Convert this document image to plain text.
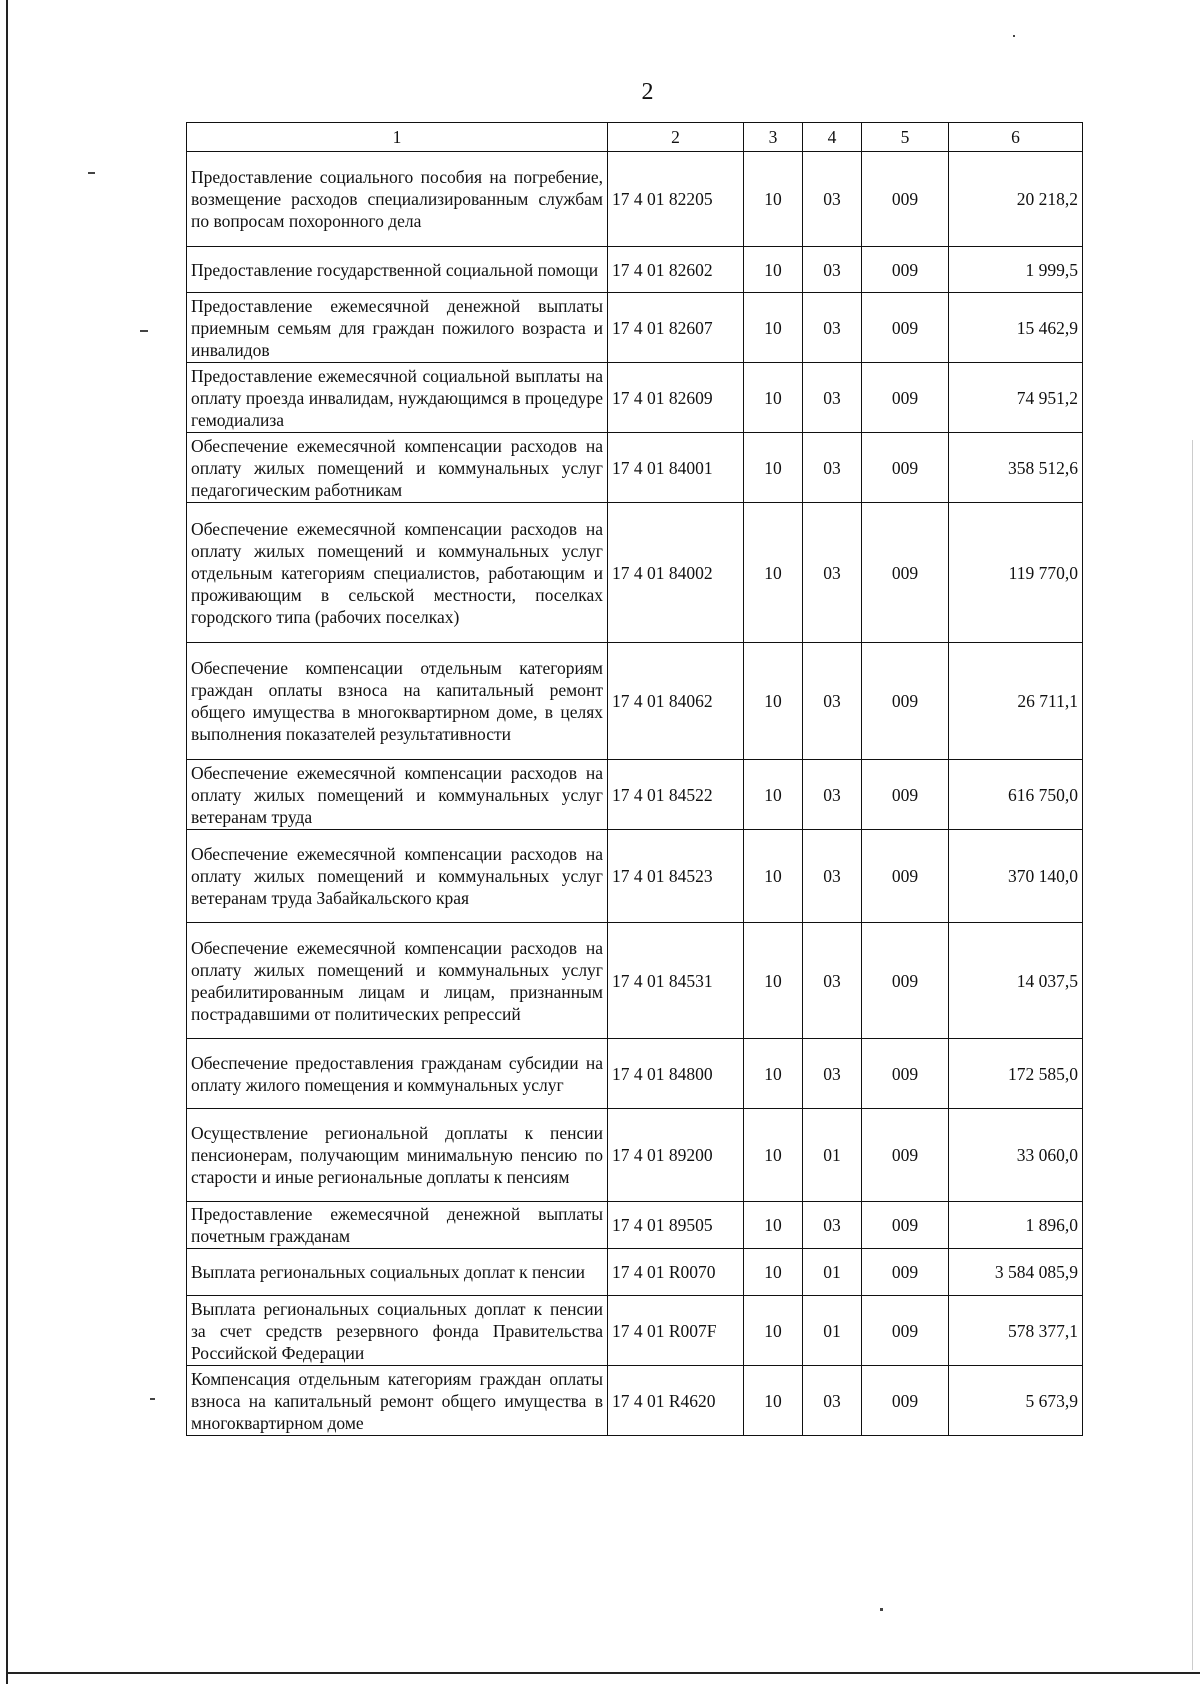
2
1	2	3	4	5	6
Предоставление социального пособия на погребение, возмещение расходов специализированным службам по вопросам похоронного дела	17 4 01 82205	10	03	009	20 218,2
Предоставление государственной социальной помощи	17 4 01 82602	10	03	009	1 999,5
Предоставление ежемесячной денежной выплаты приемным семьям для граждан пожилого возраста и инвалидов	17 4 01 82607	10	03	009	15 462,9
Предоставление ежемесячной социальной выплаты на оплату проезда инвалидам, нуждающимся в процедуре гемодиализа	17 4 01 82609	10	03	009	74 951,2
Обеспечение ежемесячной компенсации расходов на оплату жилых помещений и коммунальных услуг педагогическим работникам	17 4 01 84001	10	03	009	358 512,6
Обеспечение ежемесячной компенсации расходов на оплату жилых помещений и коммунальных услуг отдельным категориям специалистов, работающим и проживающим в сельской местности, поселках городского типа (рабочих поселках)	17 4 01 84002	10	03	009	119 770,0
Обеспечение компенсации отдельным категориям граждан оплаты взноса на капитальный ремонт общего имущества в многоквартирном доме, в целях выполнения показателей результативности	17 4 01 84062	10	03	009	26 711,1
Обеспечение ежемесячной компенсации расходов на оплату жилых помещений и коммунальных услуг ветеранам труда	17 4 01 84522	10	03	009	616 750,0
Обеспечение ежемесячной компенсации расходов на оплату жилых помещений и коммунальных услуг ветеранам труда Забайкальского края	17 4 01 84523	10	03	009	370 140,0
Обеспечение ежемесячной компенсации расходов на оплату жилых помещений и коммунальных услуг реабилитированным лицам и лицам, признанным пострадавшими от политических репрессий	17 4 01 84531	10	03	009	14 037,5
Обеспечение предоставления гражданам субсидии на оплату жилого помещения и коммунальных услуг	17 4 01 84800	10	03	009	172 585,0
Осуществление региональной доплаты к пенсии пенсионерам, получающим минимальную пенсию по старости и иные региональные доплаты к пенсиям	17 4 01 89200	10	01	009	33 060,0
Предоставление ежемесячной денежной выплаты почетным гражданам	17 4 01 89505	10	03	009	1 896,0
Выплата региональных социальных доплат к пенсии	17 4 01 R0070	10	01	009	3 584 085,9
Выплата региональных социальных доплат к пенсии за счет средств резервного фонда Правительства Российской Федерации	17 4 01 R007F	10	01	009	578 377,1
Компенсация отдельным категориям граждан оплаты взноса на капитальный ремонт общего имущества в многоквартирном доме	17 4 01 R4620	10	03	009	5 673,9
